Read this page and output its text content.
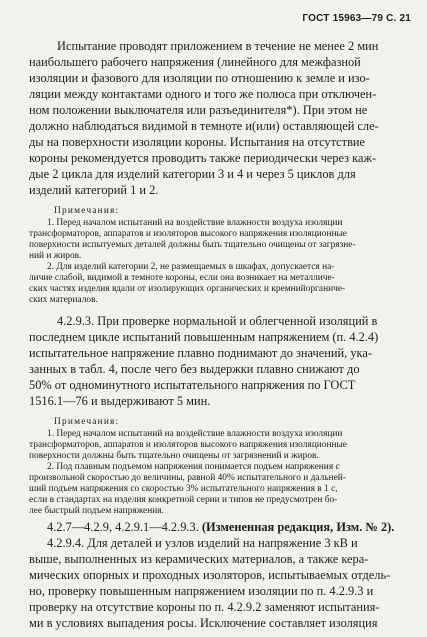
ГОСТ 15963—79 С. 21
Испытание проводят приложением в течение не менее 2 мин
наибольшего рабочего напряжения (линейного для межфазной
изоляции и фазового для изоляции по отношению к земле и изо-
ляции между контактами одного и того же полюса при отключен-
ном положении выключателя или разъединителя*). При этом не
должно наблюдаться видимой в темноте и(или) оставляющей сле-
ды на поверхности изоляции короны. Испытания на отсутствие
короны рекомендуется проводить также периодически через каж-
дые 2 цикла для изделий категории 3 и 4 и через 5 циклов для
изделий категорий 1 и 2.
Примечания:
1. Перед началом испытаний на воздействие влажности воздуха изоляции
трансформаторов, аппаратов и изоляторов высокого напряжения изоляционные
поверхности испытуемых деталей должны быть тщательно очищены от загрязне-
ний и жиров.
2. Для изделий категории 2, не размещаемых в шкафах, допускается на-
личие слабой, видимой в темноте короны, если она возникает на металличе-
ских частях изделия вдали от изолирующих органических и кремнийорганиче-
ских материалов.
4.2.9.3. При проверке нормальной и облегченной изоляций в
последнем цикле испытаний повышенным напряжением (п. 4.2.4)
испытательное напряжение плавно поднимают до значений, ука-
занных в табл. 4, после чего без выдержки плавно снижают до
50% от одноминутного испытательного напряжения по ГОСТ
1516.1—76 и выдерживают 5 мин.
Примечания:
1. Перед началом испытаний на воздействие влажности воздуха изоляции
трансформаторов, аппаратов и изоляторов высокого напряжения изоляционные
поверхности должны быть тщательно очищены от загрязнений и жиров.
2. Под плавным подъемом напряжения понимается подъем напряжения с
произвольной скоростью до величины, равной 40% испытательного и дальней-
ший подъем напряжения со скоростью 3% испытательного напряжения в 1 с,
если в стандартах на изделия конкретной серии и типов не предусмотрен бо-
лее быстрый подъем напряжения.
4.2.7—4.2.9, 4.2.9.1—4.2.9.3. (Измененная редакция, Изм. № 2).
4.2.9.4. Для деталей и узлов изделий на напряжение 3 кВ и
выше, выполненных из керамических материалов, а также кера-
мических опорных и проходных изоляторов, испытываемых отдель-
но, проверку повышенным напряжением изоляции по п. 4.2.9.3 и
проверку на отсутствие короны по п. 4.2.9.2 заменяют испытания-
ми в условиях выпадения росы. Исключение составляет изоляция
